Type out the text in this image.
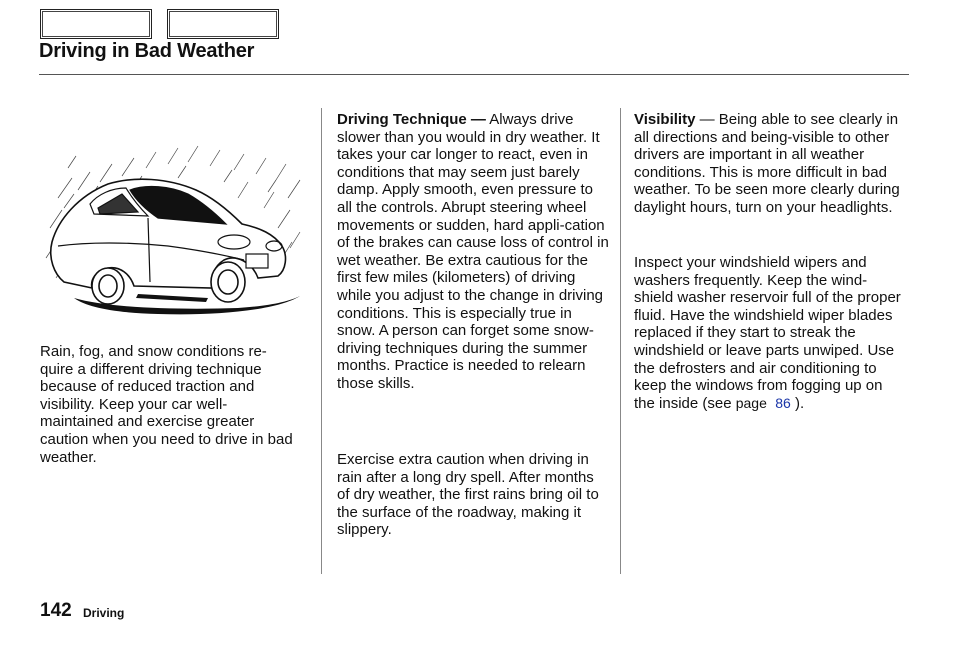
Driving in Bad Weather

Rain, fog, and snow conditions re-quire a different driving technique because of reduced traction and visibility. Keep your car well-maintained and exercise greater caution when you need to drive in bad weather.

Driving Technique — Always drive slower than you would in dry weather. It takes your car longer to react, even in conditions that may seem just barely damp. Apply smooth, even pressure to all the controls. Abrupt steering wheel movements or sudden, hard appli-cation of the brakes can cause loss of control in wet weather. Be extra cautious for the first few miles (kilometers) of driving while you adjust to the change in driving conditions. This is especially true in snow. A person can forget some snow-driving techniques during the summer months. Practice is needed to relearn those skills.

Exercise extra caution when driving in rain after a long dry spell. After months of dry weather, the first rains bring oil to the surface of the roadway, making it slippery.

Visibility — Being able to see clearly in all directions and being-visible to other drivers are important in all weather conditions. This is more difficult in bad weather. To be seen more clearly during daylight hours, turn on your headlights.

Inspect your windshield wipers and washers frequently. Keep the wind-shield washer reservoir full of the proper fluid. Have the windshield wiper blades replaced if they start to streak the windshield or leave parts unwiped. Use the defrosters and air conditioning to keep the windows from fogging up on the inside (see page 86 ).

142 Driving
